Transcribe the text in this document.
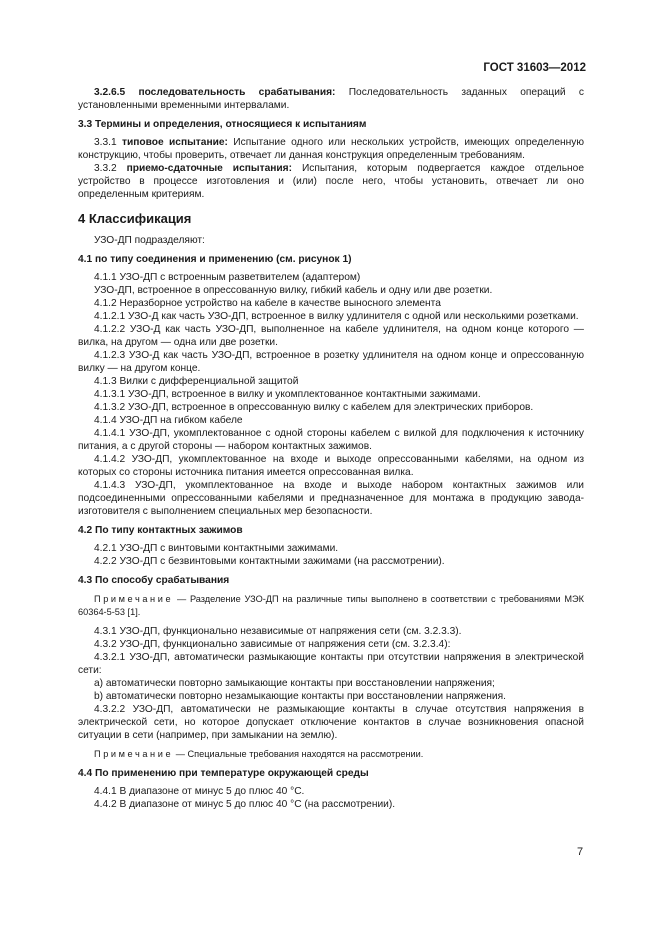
ГОСТ 31603—2012

3.2.6.5 последовательность срабатывания: Последовательность заданных операций с установленными временными интервалами.

3.3 Термины и определения, относящиеся к испытаниям

3.3.1 типовое испытание: Испытание одного или нескольких устройств, имеющих определенную конструкцию, чтобы проверить, отвечает ли данная конструкция определенным требованиям.

3.3.2 приемо-сдаточные испытания: Испытания, которым подвергается каждое отдельное устройство в процессе изготовления и (или) после него, чтобы установить, отвечает ли оно определенным критериям.

4 Классификация

УЗО-ДП подразделяют:

4.1 по типу соединения и применению (см. рисунок 1)

4.1.1 УЗО-ДП с встроенным разветвителем (адаптером)

УЗО-ДП, встроенное в опрессованную вилку, гибкий кабель и одну или две розетки.

4.1.2 Неразборное устройство на кабеле в качестве выносного элемента

4.1.2.1 УЗО-Д как часть УЗО-ДП, встроенное в вилку удлинителя с одной или несколькими розетками.

4.1.2.2 УЗО-Д как часть УЗО-ДП, выполненное на кабеле удлинителя, на одном конце которого — вилка, на другом — одна или две розетки.

4.1.2.3 УЗО-Д как часть УЗО-ДП, встроенное в розетку удлинителя на одном конце и опрессованную вилку — на другом конце.

4.1.3 Вилки с дифференциальной защитой

4.1.3.1 УЗО-ДП, встроенное в вилку и укомплектованное контактными зажимами.

4.1.3.2 УЗО-ДП, встроенное в опрессованную вилку с кабелем для электрических приборов.

4.1.4 УЗО-ДП на гибком кабеле

4.1.4.1 УЗО-ДП, укомплектованное с одной стороны кабелем с вилкой для подключения к источнику питания, а с другой стороны — набором контактных зажимов.

4.1.4.2 УЗО-ДП, укомплектованное на входе и выходе опрессованными кабелями, на одном из которых со стороны источника питания имеется опрессованная вилка.

4.1.4.3 УЗО-ДП, укомплектованное на входе и выходе набором контактных зажимов или подсоединенными опрессованными кабелями и предназначенное для монтажа в продукцию завода-изготовителя с выполнением специальных мер безопасности.

4.2 По типу контактных зажимов

4.2.1 УЗО-ДП с винтовыми контактными зажимами.

4.2.2 УЗО-ДП с безвинтовыми контактными зажимами (на рассмотрении).

4.3 По способу срабатывания

Примечание — Разделение УЗО-ДП на различные типы выполнено в соответствии с требованиями МЭК 60364-5-53 [1].

4.3.1 УЗО-ДП, функционально независимые от напряжения сети (см. 3.2.3.3).

4.3.2 УЗО-ДП, функционально зависимые от напряжения сети (см. 3.2.3.4):

4.3.2.1 УЗО-ДП, автоматически размыкающие контакты при отсутствии напряжения в электрической сети:

а) автоматически повторно замыкающие контакты при восстановлении напряжения;

b) автоматически повторно незамыкающие контакты при восстановлении напряжения.

4.3.2.2 УЗО-ДП, автоматически не размыкающие контакты в случае отсутствия напряжения в электрической сети, но которое допускает отключение контактов в случае возникновения опасной ситуации в сети (например, при замыкании на землю).

Примечание — Специальные требования находятся на рассмотрении.

4.4 По применению при температуре окружающей среды

4.4.1 В диапазоне от минус 5 до плюс 40 °С.

4.4.2 В диапазоне от минус 5 до плюс 40 °С (на рассмотрении).

7
